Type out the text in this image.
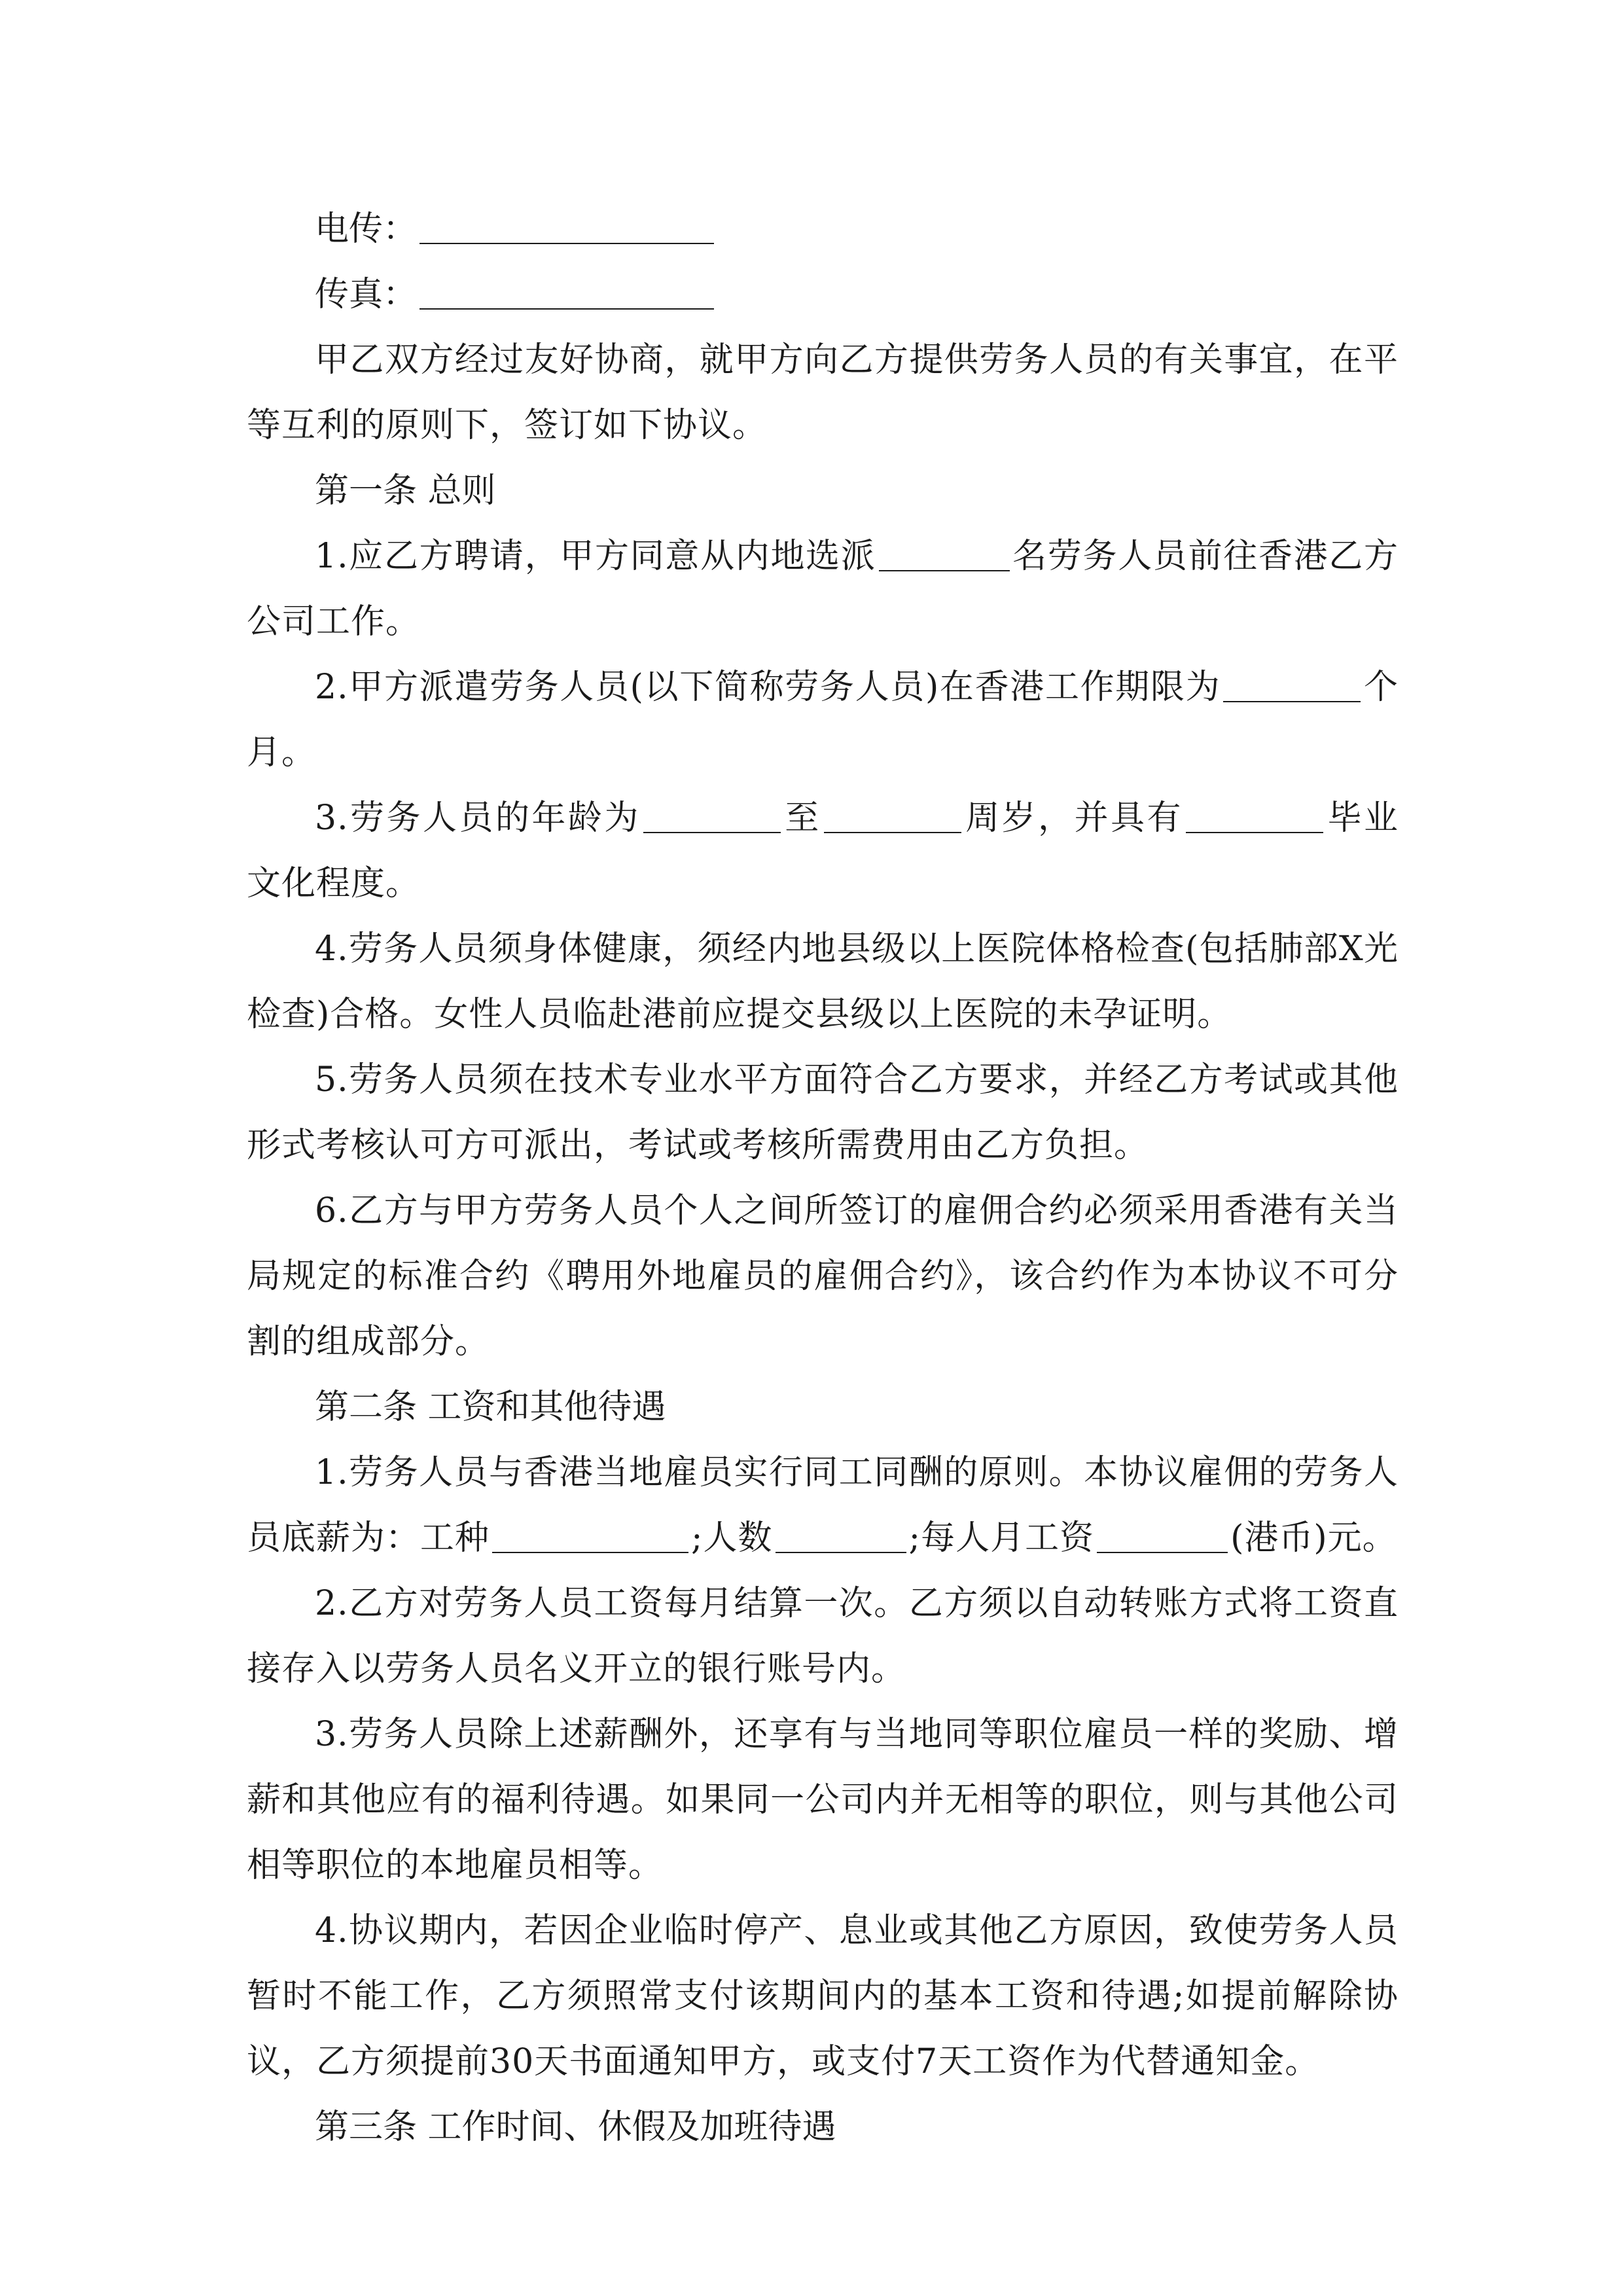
电传：

传真：

甲乙双方经过友好协商，就甲方向乙方提供劳务人员的有关事宜，在平等互利的原则下，签订如下协议。

第一条 总则

1.应乙方聘请，甲方同意从内地选派	名劳务人员前往香港乙方公司工作。

2.甲方派遣劳务人员(以下简称劳务人员)在香港工作期限为	个月。

3.劳务人员的年龄为	至	周岁，并具有	毕业文化程度。

4.劳务人员须身体健康，须经内地县级以上医院体格检查(包括肺部X光检查)合格。女性人员临赴港前应提交县级以上医院的未孕证明。

5.劳务人员须在技术专业水平方面符合乙方要求，并经乙方考试或其他形式考核认可方可派出，考试或考核所需费用由乙方负担。

6.乙方与甲方劳务人员个人之间所签订的雇佣合约必须采用香港有关当局规定的标准合约《聘用外地雇员的雇佣合约》，该合约作为本协议不可分割的组成部分。

第二条 工资和其他待遇

1.劳务人员与香港当地雇员实行同工同酬的原则。本协议雇佣的劳务人员底薪为：工种	;人数	;每人月工资	(港币)元。

2.乙方对劳务人员工资每月结算一次。乙方须以自动转账方式将工资直接存入以劳务人员名义开立的银行账号内。

3.劳务人员除上述薪酬外，还享有与当地同等职位雇员一样的奖励、增薪和其他应有的福利待遇。如果同一公司内并无相等的职位，则与其他公司相等职位的本地雇员相等。

4.协议期内，若因企业临时停产、息业或其他乙方原因，致使劳务人员暂时不能工作，乙方须照常支付该期间内的基本工资和待遇;如提前解除协议，乙方须提前30天书面通知甲方，或支付7天工资作为代替通知金。

第三条 工作时间、休假及加班待遇
